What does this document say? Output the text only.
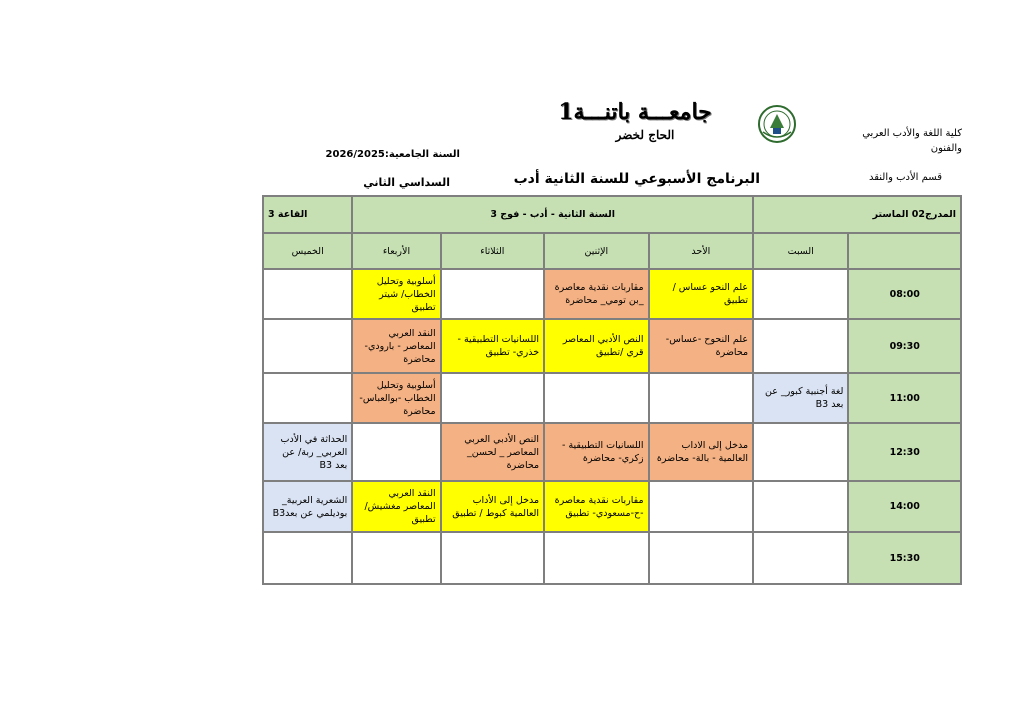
جامعـــة باتنـــة1
الحاج لخضر	كلية اللغة والأدب العربي والفنون
قسم الأدب والنقد
السنة الجامعية:2026/2025
السداسي الثاني	البرنامج الأسبوعي للسنة الثانية أدب
المدرج02 الماستر		السنة الثانية - أدب - فوج 3				القاعة 3
	السبت	الأحد	الإثنين	الثلاثاء	الأربعاء	الخميس
08:00		علم النحو عساس / تطبيق	مقاربات نقدية معاصرة _بن تومي_ محاضرة		أسلوبية وتحليل الخطاب/ شيتر تطبيق	
09:30		علم النحوح -عساس- محاضرة	النص الأدبي المعاصر قري /تطبيق	اللسانيات التطبيقية - خذري- تطبيق	النقد العربي المعاصر - بارودي- محاضرة	
11:00	لغة أجنبية كبور_ عن بعد B3				أسلوبية وتحليل الخطاب -بوالعباس- محاضرة	
12:30		مدخل إلى الاداب العالمية - بالة- محاضرة	اللسانيات التطبيقية - زكري- محاضرة	النص الأدبي العربي المعاصر _ لحسن_ محاضرة		الحداثة في الأدب العربي_ ربة/ عن بعد B3
14:00			مقاربات نقدية معاصرة -ح-مسعودي- تطبيق	مدخل إلى الأداب العالمية كبوط / تطبيق	النقد العربي المعاصر مغشيش/ تطبيق	الشعرية العربية_ بوديلمي عن بعدB3
15:30						
